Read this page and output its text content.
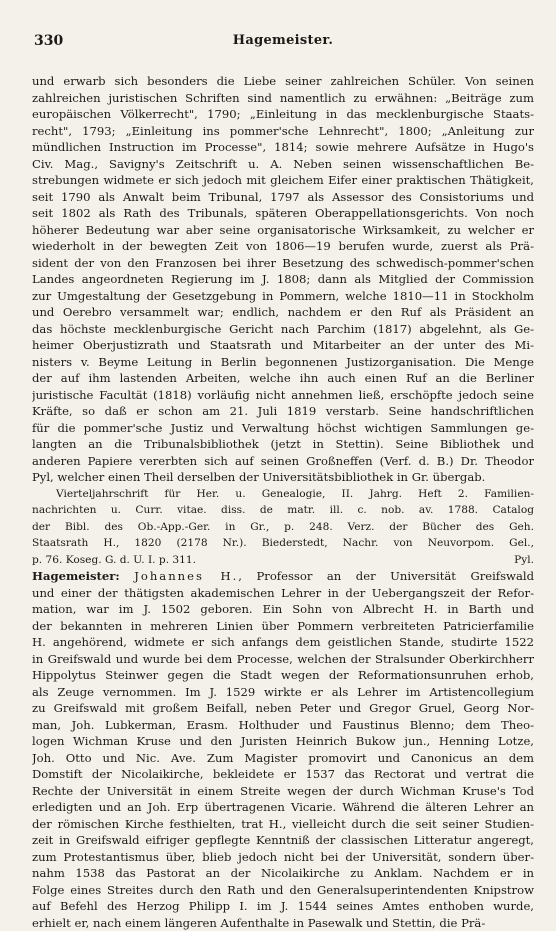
330	Hagemeister.
und erwarb sich besonders die Liebe seiner zahlreichen Schüler. Von seinen
zahlreichen juristischen Schriften sind namentlich zu erwähnen: „Beiträge zum
europäischen Völkerrecht", 1790; „Einleitung in das mecklenburgische Staats-
recht", 1793; „Einleitung ins pommer'sche Lehnrecht", 1800; „Anleitung zur
mündlichen Instruction im Processe", 1814; sowie mehrere Aufsätze in Hugo's
Civ. Mag., Savigny's Zeitschrift u. A. Neben seinen wissenschaftlichen Be-
strebungen widmete er sich jedoch mit gleichem Eifer einer praktischen Thätigkeit,
seit 1790 als Anwalt beim Tribunal, 1797 als Assessor des Consistoriums und
seit 1802 als Rath des Tribunals, späteren Oberappellationsgerichts. Von noch
höherer Bedeutung war aber seine organisatorische Wirksamkeit, zu welcher er
wiederholt in der bewegten Zeit von 1806—19 berufen wurde, zuerst als Prä-
sident der von den Franzosen bei ihrer Besetzung des schwedisch-pommer'schen
Landes angeordneten Regierung im J. 1808; dann als Mitglied der Commission
zur Umgestaltung der Gesetzgebung in Pommern, welche 1810—11 in Stockholm
und Oerebro versammelt war; endlich, nachdem er den Ruf als Präsident an
das höchste mecklenburgische Gericht nach Parchim (1817) abgelehnt, als Ge-
heimer Oberjustizrath und Staatsrath und Mitarbeiter an der unter des Mi-
nisters v. Beyme Leitung in Berlin begonnenen Justizorganisation. Die Menge
der auf ihm lastenden Arbeiten, welche ihn auch einen Ruf an die Berliner
juristische Facultät (1818) vorläufig nicht annehmen ließ, erschöpfte jedoch seine
Kräfte, so daß er schon am 21. Juli 1819 verstarb. Seine handschriftlichen
für die pommer'sche Justiz und Verwaltung höchst wichtigen Sammlungen ge-
langten an die Tribunalsbibliothek (jetzt in Stettin). Seine Bibliothek und
anderen Papiere vererbten sich auf seinen Großneffen (Verf. d. B.) Dr. Theodor
Pyl, welcher einen Theil derselben der Universitätsbibliothek in Gr. übergab.
Vierteljahrschrift für Her. u. Genealogie, II. Jahrg. Heft 2. Familien-
nachrichten u. Curr. vitae. diss. de matr. ill. c. nob. av. 1788. Catalog
der Bibl. des Ob.-App.-Ger. in Gr., p. 248. Verz. der Bücher des Geh.
Staatsrath H., 1820 (2178 Nr.). Biederstedt, Nachr. von Neuvorpom. Gel.,
p. 76. Koseg. G. d. U. I. p. 311.	Pyl.
Hagemeister: Johannes H., Professor an der Universität Greifswald
und einer der thätigsten akademischen Lehrer in der Uebergangszeit der Refor-
mation, war im J. 1502 geboren. Ein Sohn von Albrecht H. in Barth und
der bekannten in mehreren Linien über Pommern verbreiteten Patricierfamilie
H. angehörend, widmete er sich anfangs dem geistlichen Stande, studirte 1522
in Greifswald und wurde bei dem Processe, welchen der Stralsunder Oberkirchherr
Hippolytus Steinwer gegen die Stadt wegen der Reformationsunruhen erhob,
als Zeuge vernommen. Im J. 1529 wirkte er als Lehrer im Artistencollegium
zu Greifswald mit großem Beifall, neben Peter und Gregor Gruel, Georg Nor-
man, Joh. Lubkerman, Erasm. Holthuder und Faustinus Blenno; dem Theo-
logen Wichman Kruse und den Juristen Heinrich Bukow jun., Henning Lotze,
Joh. Otto und Nic. Ave. Zum Magister promovirt und Canonicus an dem
Domstift der Nicolaikirche, bekleidete er 1537 das Rectorat und vertrat die
Rechte der Universität in einem Streite wegen der durch Wichman Kruse's Tod
erledigten und an Joh. Erp übertragenen Vicarie. Während die älteren Lehrer an
der römischen Kirche festhielten, trat H., vielleicht durch die seit seiner Studien-
zeit in Greifswald eifriger gepflegte Kenntniß der classischen Litteratur angeregt,
zum Protestantismus über, blieb jedoch nicht bei der Universität, sondern über-
nahm 1538 das Pastorat an der Nicolaikirche zu Anklam. Nachdem er in
Folge eines Streites durch den Rath und den Generalsuperintendenten Knipstrow
auf Befehl des Herzog Philipp I. im J. 1544 seines Amtes enthoben wurde,
erhielt er, nach einem längeren Aufenthalte in Pasewalk und Stettin, die Prä-
